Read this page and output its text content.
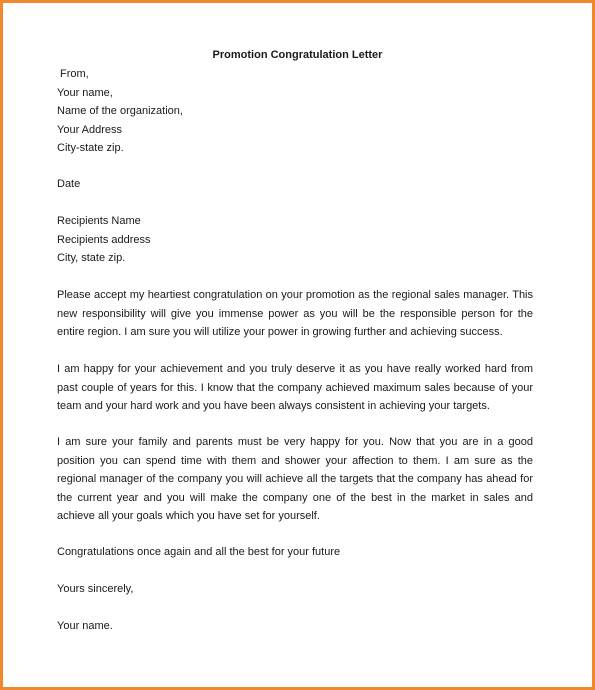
Promotion Congratulation Letter
From,
Your name,
Name of the organization,
Your Address
City-state zip.
Date
Recipients Name
Recipients address
City, state zip.
Please accept my heartiest congratulation on your promotion as the regional sales manager. This new responsibility will give you immense power as you will be the responsible person for the entire region. I am sure you will utilize your power in growing further and achieving success.
I am happy for your achievement and you truly deserve it as you have really worked hard from past couple of years for this. I know that the company achieved maximum sales because of your team and your hard work and you have been always consistent in achieving your targets.
I am sure your family and parents must be very happy for you. Now that you are in a good position you can spend time with them and shower your affection to them. I am sure as the regional manager of the company you will achieve all the targets that the company has ahead for the current year and you will make the company one of the best in the market in sales and achieve all your goals which you have set for yourself.
Congratulations once again and all the best for your future
Yours sincerely,
Your name.
